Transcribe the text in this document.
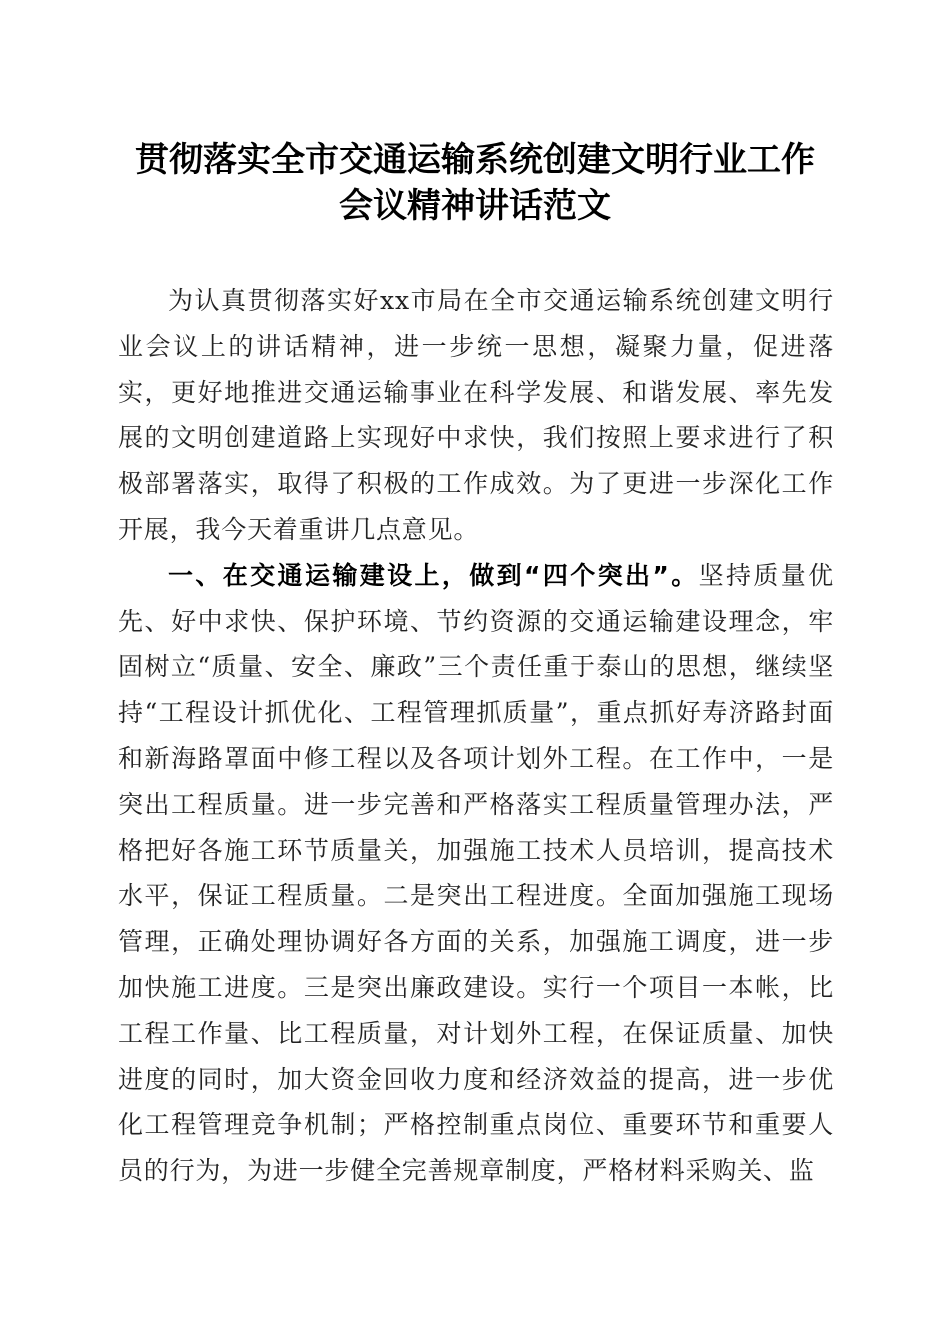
贯彻落实全市交通运输系统创建文明行业工作
会议精神讲话范文

为认真贯彻落实好xx市局在全市交通运输系统创建文明行业会议上的讲话精神，进一步统一思想，凝聚力量，促进落实，更好地推进交通运输事业在科学发展、和谐发展、率先发展的文明创建道路上实现好中求快，我们按照上要求进行了积极部署落实，取得了积极的工作成效。为了更进一步深化工作开展，我今天着重讲几点意见。

一、在交通运输建设上，做到“四个突出”。坚持质量优先、好中求快、保护环境、节约资源的交通运输建设理念，牢固树立“质量、安全、廉政”三个责任重于泰山的思想，继续坚持“工程设计抓优化、工程管理抓质量”，重点抓好寿济路封面和新海路罩面中修工程以及各项计划外工程。在工作中，一是突出工程质量。进一步完善和严格落实工程质量管理办法，严格把好各施工环节质量关，加强施工技术人员培训，提高技术水平，保证工程质量。二是突出工程进度。全面加强施工现场管理，正确处理协调好各方面的关系，加强施工调度，进一步加快施工进度。三是突出廉政建设。实行一个项目一本帐，比工程工作量、比工程质量，对计划外工程，在保证质量、加快进度的同时，加大资金回收力度和经济效益的提高，进一步优化工程管理竞争机制；严格控制重点岗位、重要环节和重要人员的行为，为进一步健全完善规章制度，严格材料采购关、监
